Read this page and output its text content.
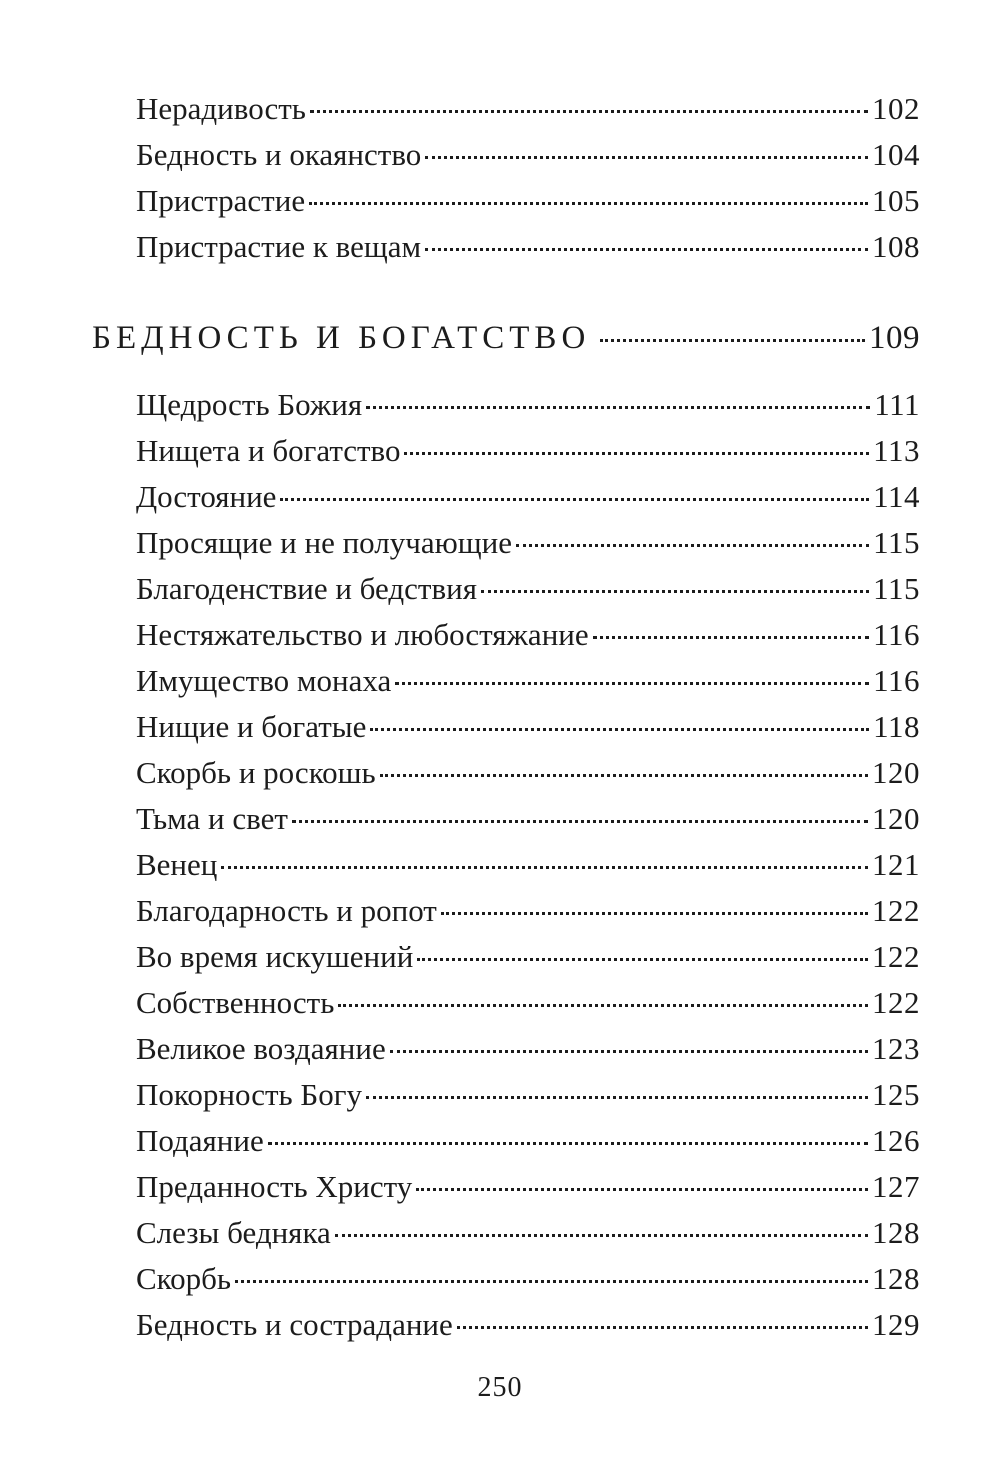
Нерадивость	102
Бедность и окаянство	104
Пристрастие	105
Пристрастие к вещам	108
БЕДНОСТЬ И БОГАТСТВО	109
Щедрость Божия	111
Нищета и богатство	113
Достояние	114
Просящие и не получающие	115
Благоденствие и бедствия	115
Нестяжательство и любостяжание	116
Имущество монаха	116
Нищие и богатые	118
Скорбь и роскошь	120
Тьма и свет	120
Венец	121
Благодарность и ропот	122
Во время искушений	122
Собственность	122
Великое воздаяние	123
Покорность Богу	125
Подаяние	126
Преданность Христу	127
Слезы бедняка	128
Скорбь	128
Бедность и сострадание	129
250
